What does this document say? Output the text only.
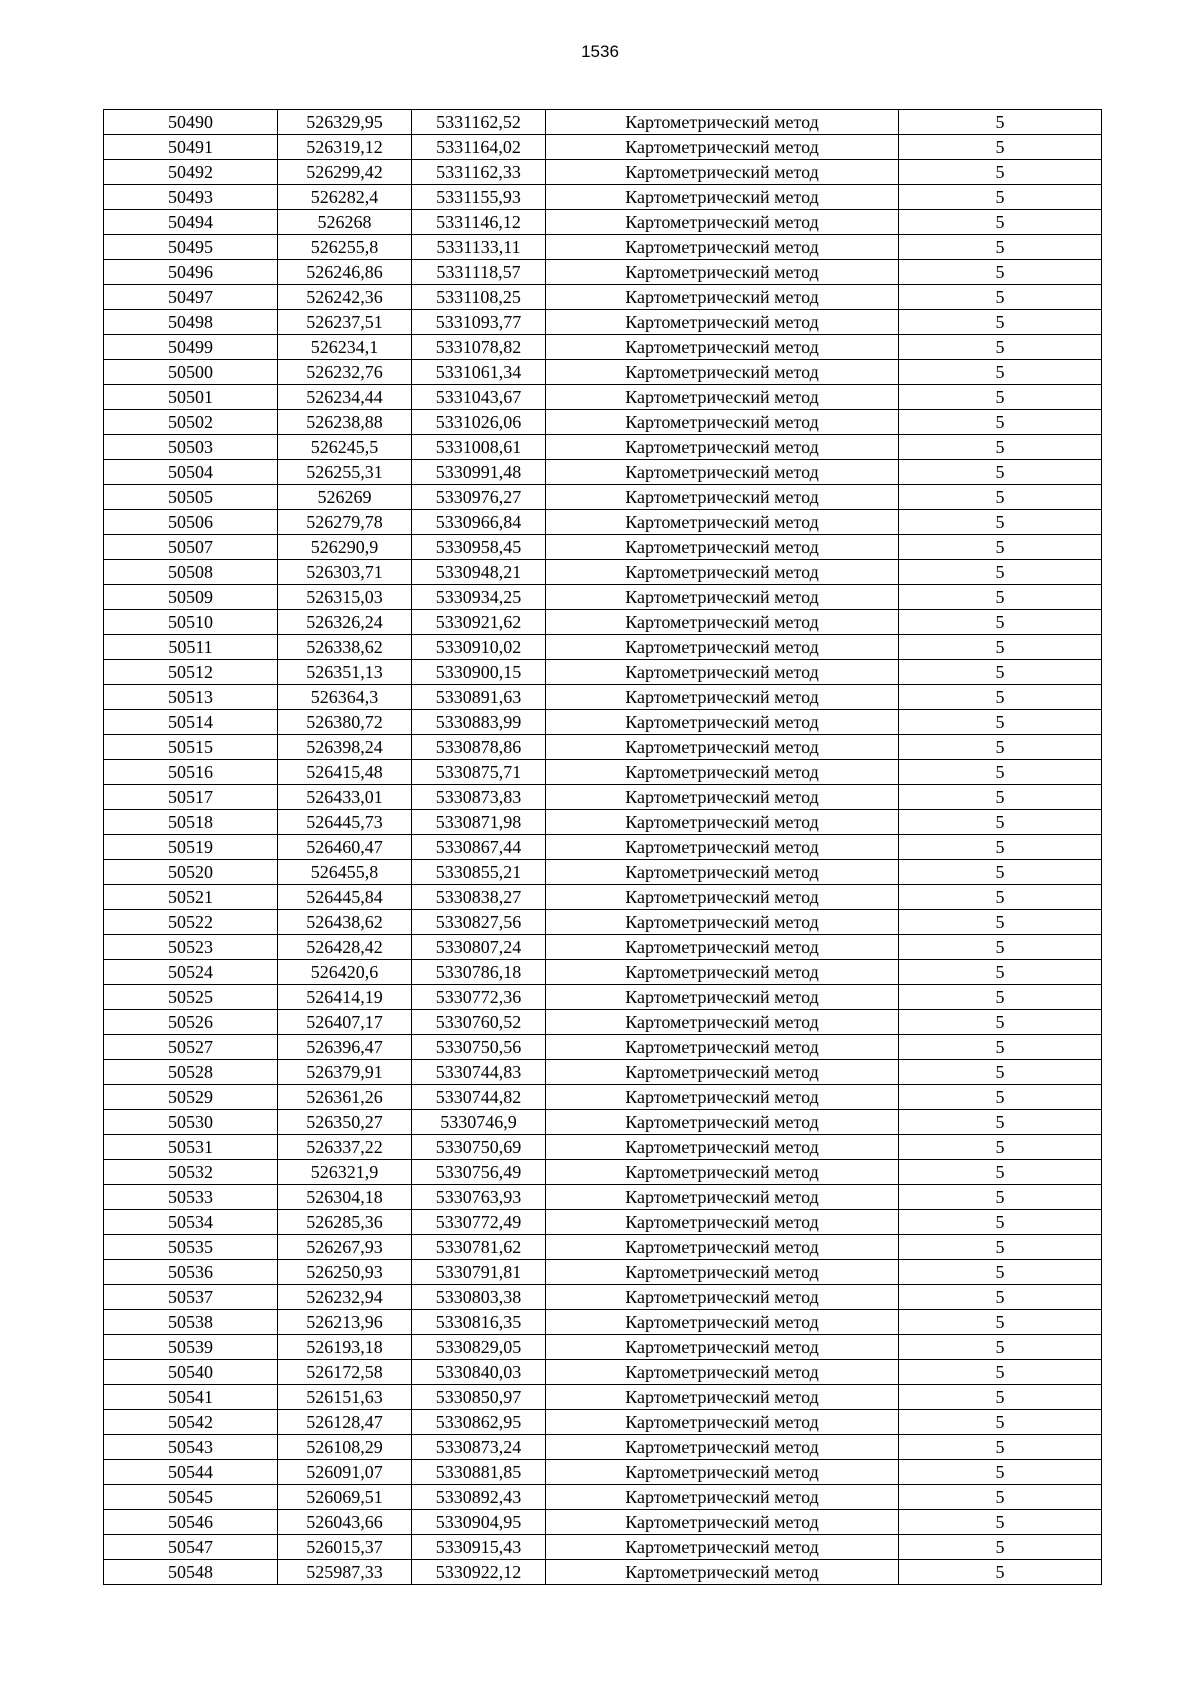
1536
50490	526329,95	5331162,52	Картометрический метод	5
50491	526319,12	5331164,02	Картометрический метод	5
50492	526299,42	5331162,33	Картометрический метод	5
50493	526282,4	5331155,93	Картометрический метод	5
50494	526268	5331146,12	Картометрический метод	5
50495	526255,8	5331133,11	Картометрический метод	5
50496	526246,86	5331118,57	Картометрический метод	5
50497	526242,36	5331108,25	Картометрический метод	5
50498	526237,51	5331093,77	Картометрический метод	5
50499	526234,1	5331078,82	Картометрический метод	5
50500	526232,76	5331061,34	Картометрический метод	5
50501	526234,44	5331043,67	Картометрический метод	5
50502	526238,88	5331026,06	Картометрический метод	5
50503	526245,5	5331008,61	Картометрический метод	5
50504	526255,31	5330991,48	Картометрический метод	5
50505	526269	5330976,27	Картометрический метод	5
50506	526279,78	5330966,84	Картометрический метод	5
50507	526290,9	5330958,45	Картометрический метод	5
50508	526303,71	5330948,21	Картометрический метод	5
50509	526315,03	5330934,25	Картометрический метод	5
50510	526326,24	5330921,62	Картометрический метод	5
50511	526338,62	5330910,02	Картометрический метод	5
50512	526351,13	5330900,15	Картометрический метод	5
50513	526364,3	5330891,63	Картометрический метод	5
50514	526380,72	5330883,99	Картометрический метод	5
50515	526398,24	5330878,86	Картометрический метод	5
50516	526415,48	5330875,71	Картометрический метод	5
50517	526433,01	5330873,83	Картометрический метод	5
50518	526445,73	5330871,98	Картометрический метод	5
50519	526460,47	5330867,44	Картометрический метод	5
50520	526455,8	5330855,21	Картометрический метод	5
50521	526445,84	5330838,27	Картометрический метод	5
50522	526438,62	5330827,56	Картометрический метод	5
50523	526428,42	5330807,24	Картометрический метод	5
50524	526420,6	5330786,18	Картометрический метод	5
50525	526414,19	5330772,36	Картометрический метод	5
50526	526407,17	5330760,52	Картометрический метод	5
50527	526396,47	5330750,56	Картометрический метод	5
50528	526379,91	5330744,83	Картометрический метод	5
50529	526361,26	5330744,82	Картометрический метод	5
50530	526350,27	5330746,9	Картометрический метод	5
50531	526337,22	5330750,69	Картометрический метод	5
50532	526321,9	5330756,49	Картометрический метод	5
50533	526304,18	5330763,93	Картометрический метод	5
50534	526285,36	5330772,49	Картометрический метод	5
50535	526267,93	5330781,62	Картометрический метод	5
50536	526250,93	5330791,81	Картометрический метод	5
50537	526232,94	5330803,38	Картометрический метод	5
50538	526213,96	5330816,35	Картометрический метод	5
50539	526193,18	5330829,05	Картометрический метод	5
50540	526172,58	5330840,03	Картометрический метод	5
50541	526151,63	5330850,97	Картометрический метод	5
50542	526128,47	5330862,95	Картометрический метод	5
50543	526108,29	5330873,24	Картометрический метод	5
50544	526091,07	5330881,85	Картометрический метод	5
50545	526069,51	5330892,43	Картометрический метод	5
50546	526043,66	5330904,95	Картометрический метод	5
50547	526015,37	5330915,43	Картометрический метод	5
50548	525987,33	5330922,12	Картометрический метод	5
